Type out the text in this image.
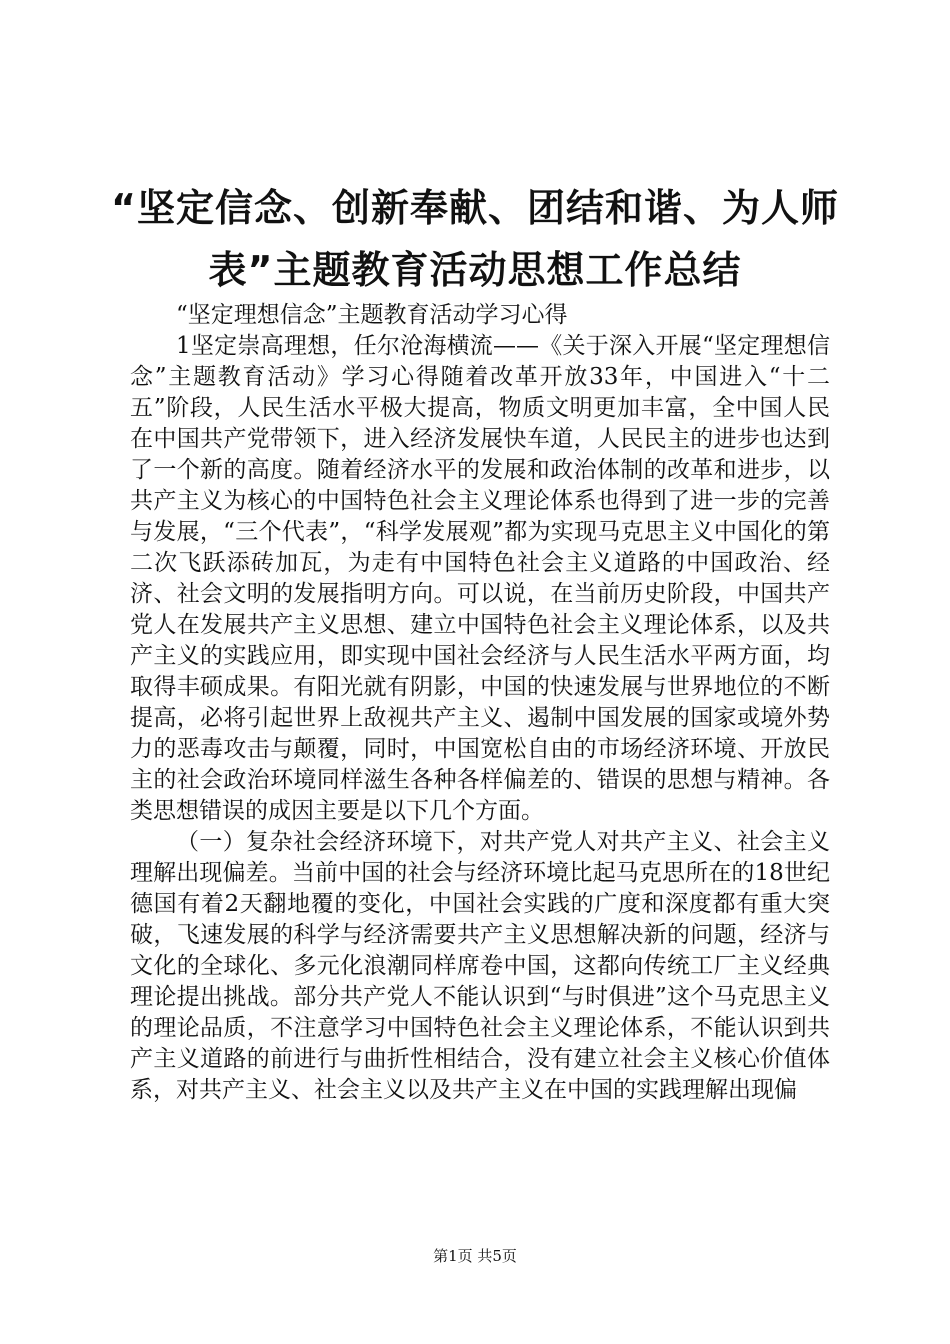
“坚定信念、创新奉献、团结和谐、为人师
表”主题教育活动思想工作总结

“坚定理想信念”主题教育活动学习心得

1坚定崇高理想，任尔沧海横流——《关于深入开展“坚定理想信念”主题教育活动》学习心得随着改革开放33年，中国进入“十二五”阶段，人民生活水平极大提高，物质文明更加丰富，全中国人民在中国共产党带领下，进入经济发展快车道，人民民主的进步也达到了一个新的高度。随着经济水平的发展和政治体制的改革和进步，以共产主义为核心的中国特色社会主义理论体系也得到了进一步的完善与发展，“三个代表”，“科学发展观”都为实现马克思主义中国化的第二次飞跃添砖加瓦，为走有中国特色社会主义道路的中国政治、经济、社会文明的发展指明方向。可以说，在当前历史阶段，中国共产党人在发展共产主义思想、建立中国特色社会主义理论体系，以及共产主义的实践应用，即实现中国社会经济与人民生活水平两方面，均取得丰硕成果。有阳光就有阴影，中国的快速发展与世界地位的不断提高，必将引起世界上敌视共产主义、遏制中国发展的国家或境外势力的恶毒攻击与颠覆，同时，中国宽松自由的市场经济环境、开放民主的社会政治环境同样滋生各种各样偏差的、错误的思想与精神。各类思想错误的成因主要是以下几个方面。

（一）复杂社会经济环境下，对共产党人对共产主义、社会主义理解出现偏差。当前中国的社会与经济环境比起马克思所在的18世纪德国有着2天翻地覆的变化，中国社会实践的广度和深度都有重大突破，飞速发展的科学与经济需要共产主义思想解决新的问题，经济与文化的全球化、多元化浪潮同样席卷中国，这都向传统工厂主义经典理论提出挑战。部分共产党人不能认识到“与时俱进”这个马克思主义的理论品质，不注意学习中国特色社会主义理论体系，不能认识到共产主义道路的前进行与曲折性相结合，没有建立社会主义核心价值体系，对共产主义、社会主义以及共产主义在中国的实践理解出现偏

第1页 共5页
